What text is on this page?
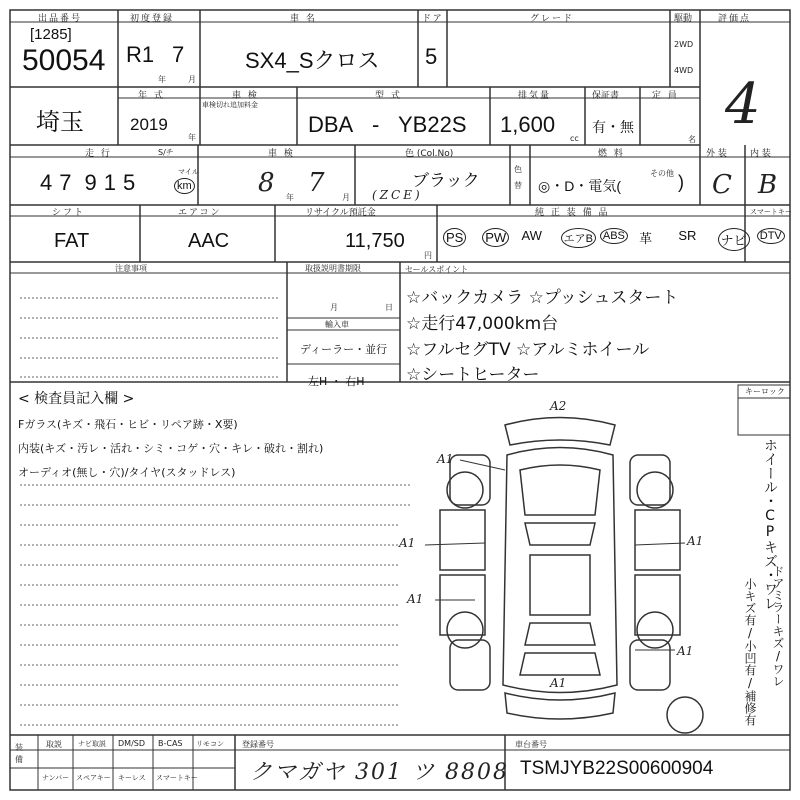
出品番号
[1285]
50054
初度登録
R1 7
年	月
車 名
SX4_Sクロス
ドア
5
グレード	駆動
2WD
4WD
評価点
4
埼玉
年 式
2019
年
車 検
車検切れ追加料金
型 式
DBA - YB22S
排気量
1,600
cc
保証書
有・無
定 員
名
走 行	S/チ
47 915	マイル
km
車 検
8 年 7 月
色 (Col.No)
ブラック
(ZCE)
色替
燃 料
◎・D・電気(
その他 )
外 装
C
内 装
B
シフト
FAT
エアコン
AAC
リサイクル預託金
11,750
円
純 正 装 備 品	スマートキー
PS PW AW エアB ABS 革 SR ナビ DTV
注意事項	取扱説明書期限
月	日
輸入車
ディーラー・並行
左H ・ 右H
セールスポイント
☆バックカメラ ☆プッシュスタート
☆走行47,000km台
☆フルセグTV ☆アルミホイール
☆シートヒーター
< 検査員記入欄 >
Fガラス(キズ・飛石・ヒビ・リペア跡・X要)
内装(キズ・汚レ・活れ・シミ・コゲ・穴・キレ・破れ・割れ)
オーディオ(無し・穴)/タイヤ(スタッドレス)
キーロック
A2
A1
A1
A1
A1
A1
A1
ホイール・CPキズ・ワレ
小キズ有/小凹有/補修有 ドアミラーキズ/ワレ
装備
取説 ナビ取説 DM/SD B-CAS リモコン
ナンバー スペアキー キーレス スマートキー
登録番号
クマガヤ 301 ツ 8808
車台番号
TSMJYB22S00600904
